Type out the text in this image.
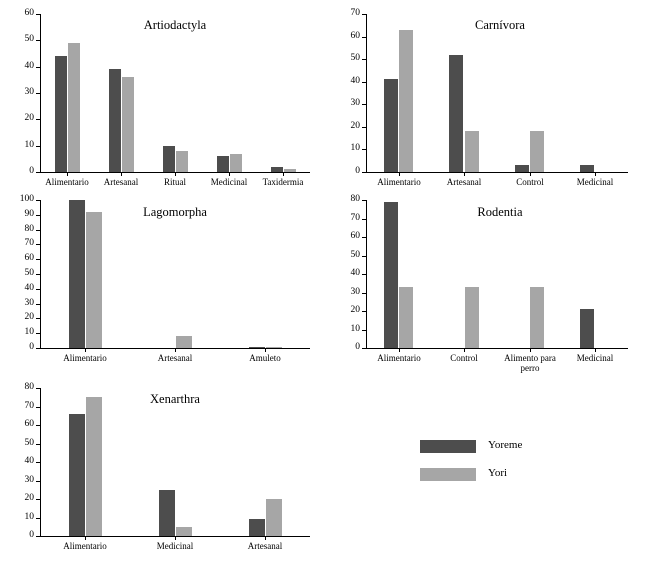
Artiodactyla
0
10
20
30
40
50
60
Alimentario	Artesanal	Ritual	Medicinal	Taxidermia
Carnívora
0
10
20
30
40
50
60
70
Alimentario	Artesanal	Control	Medicinal
Lagomorpha
0
10
20
30
40
50
60
70
80
90
100
Alimentario	Artesanal	Amuleto
Rodentia
0
10
20
30
40
50
60
70
80
Alimentario	Control	Alimento para
perro
Medicinal
Xenarthra
0
10
20
30
40
50
60
70
80
Alimentario	Medicinal	Artesanal
Yoreme
Yori
